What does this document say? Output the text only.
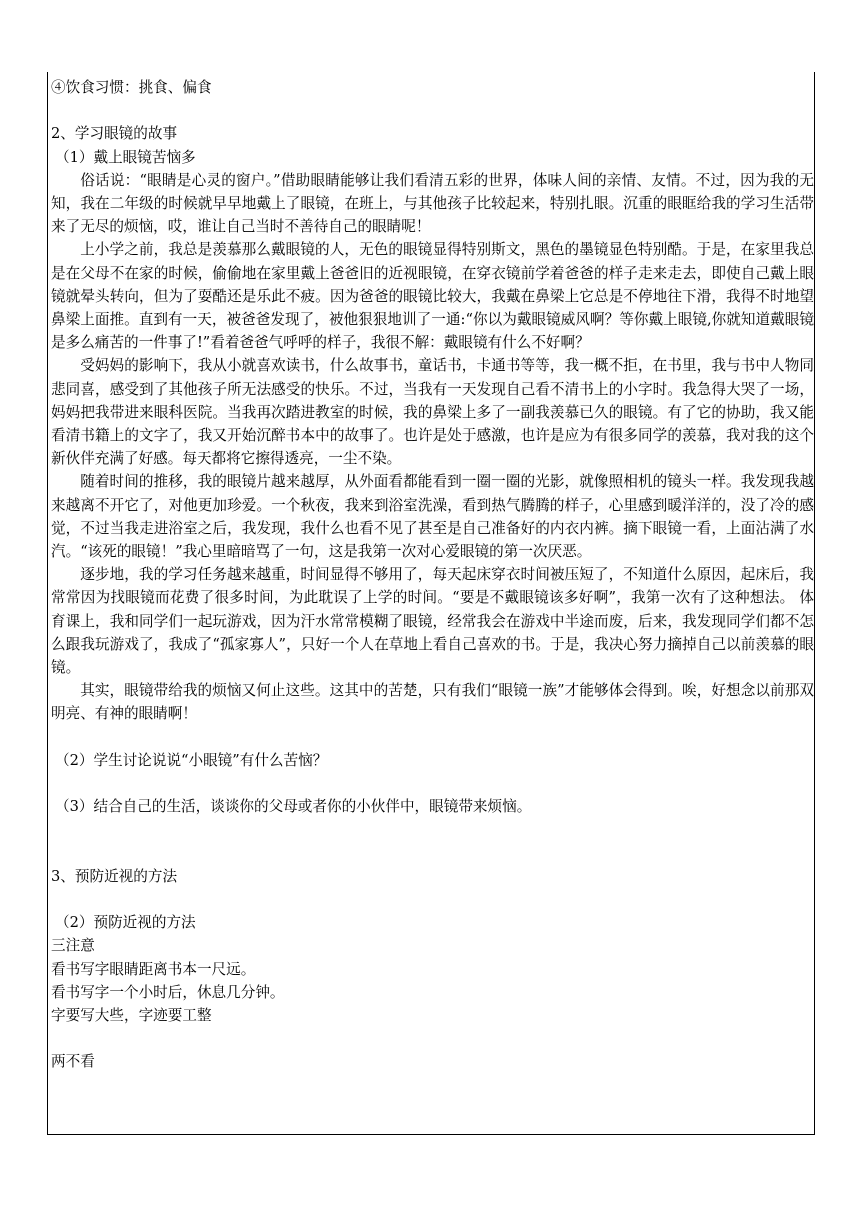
④饮食习惯：挑食、偏食
2、学习眼镜的故事
（1）戴上眼镜苦恼多

俗话说：“眼睛是心灵的窗户。”借助眼睛能够让我们看清五彩的世界，体味人间的亲情、友情。不过，因为我的无知，我在二年级的时候就早早地戴上了眼镜，在班上，与其他孩子比较起来，特别扎眼。沉重的眼眶给我的学习生活带来了无尽的烦恼，哎，谁让自己当时不善待自己的眼睛呢！

上小学之前，我总是羡慕那么戴眼镜的人，无色的眼镜显得特别斯文，黑色的墨镜显色特别酷。于是，在家里我总是在父母不在家的时候，偷偷地在家里戴上爸爸旧的近视眼镜，在穿衣镜前学着爸爸的样子走来走去，即使自己戴上眼镜就晕头转向，但为了耍酷还是乐此不疲。因为爸爸的眼镜比较大，我戴在鼻梁上它总是不停地往下滑，我得不时地望鼻梁上面推。直到有一天，被爸爸发现了，被他狠狠地训了一通:“你以为戴眼镜威风啊？等你戴上眼镜,你就知道戴眼镜是多么痛苦的一件事了!”看着爸爸气呼呼的样子，我很不解：戴眼镜有什么不好啊？

受妈妈的影响下，我从小就喜欢读书，什么故事书，童话书，卡通书等等，我一概不拒，在书里，我与书中人物同悲同喜，感受到了其他孩子所无法感受的快乐。不过，当我有一天发现自己看不清书上的小字时。我急得大哭了一场，妈妈把我带进来眼科医院。当我再次踏进教室的时候，我的鼻梁上多了一副我羡慕已久的眼镜。有了它的协助，我又能看清书籍上的文字了，我又开始沉醉书本中的故事了。也许是处于感激，也许是应为有很多同学的羡慕，我对我的这个新伙伴充满了好感。每天都将它擦得透亮，一尘不染。

随着时间的推移，我的眼镜片越来越厚，从外面看都能看到一圈一圈的光影，就像照相机的镜头一样。我发现我越来越离不开它了，对他更加珍爱。一个秋夜，我来到浴室洗澡，看到热气腾腾的样子，心里感到暖洋洋的，没了冷的感觉，不过当我走进浴室之后，我发现，我什么也看不见了甚至是自己准备好的内衣内裤。摘下眼镜一看，上面沾满了水汽。“该死的眼镜！”我心里暗暗骂了一句，这是我第一次对心爱眼镜的第一次厌恶。

逐步地，我的学习任务越来越重，时间显得不够用了，每天起床穿衣时间被压短了，不知道什么原因，起床后，我常常因为找眼镜而花费了很多时间，为此耽误了上学的时间。“要是不戴眼镜该多好啊”，我第一次有了这种想法。 体育课上，我和同学们一起玩游戏，因为汗水常常模糊了眼镜，经常我会在游戏中半途而废，后来，我发现同学们都不怎么跟我玩游戏了，我成了“孤家寡人”，只好一个人在草地上看自己喜欢的书。于是，我决心努力摘掉自己以前羡慕的眼镜。

其实，眼镜带给我的烦恼又何止这些。这其中的苦楚，只有我们“眼镜一族”才能够体会得到。唉，好想念以前那双明亮、有神的眼睛啊！

（2）学生讨论说说“小眼镜”有什么苦恼？
（3）结合自己的生活，谈谈你的父母或者你的小伙伴中，眼镜带来烦恼。
3、预防近视的方法
（2）预防近视的方法
三注意
看书写字眼睛距离书本一尺远。
看书写字一个小时后，休息几分钟。
字要写大些，字迹要工整
两不看
